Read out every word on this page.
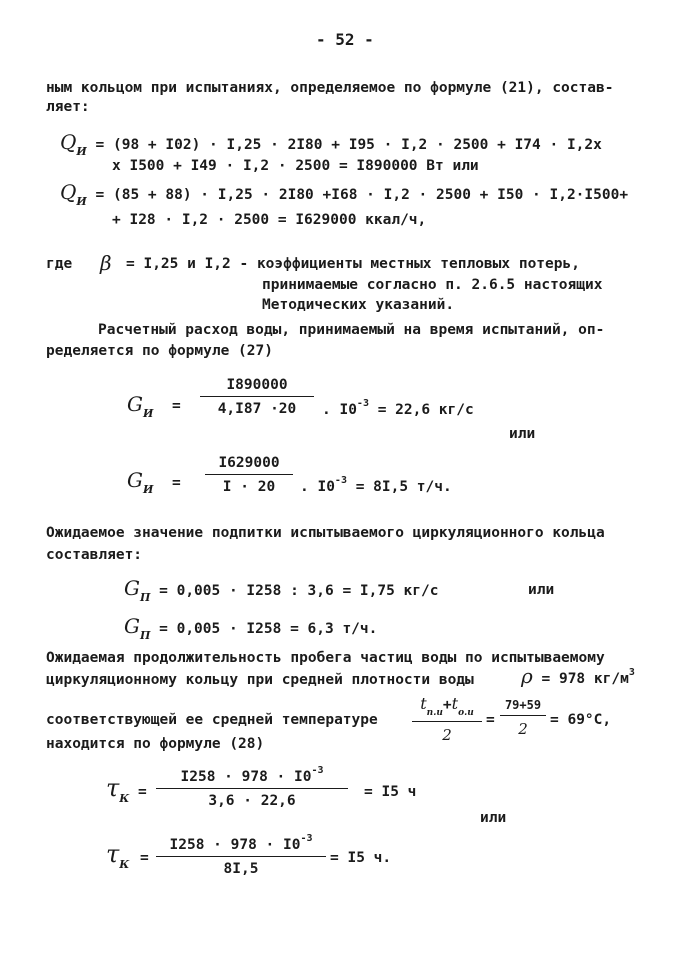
- 52 -
ным кольцом при испытаниях, определяемое по формуле (21), состав-
ляет:
$Q_И = (98 + I02) \cdot I,25 \cdot 2I80 + I95 \cdot I,2 \cdot 2500 + I74 \cdot I,2x$
x I500 + I49 · I,2 · 2500 = I890000 Вт или
$Q_И = (85 + 88) \cdot I,25 \cdot 2I80 +I68 \cdot I,2 \cdot 2500 + I50 \cdot I,2\cdot I500+$
+ I28 · I,2 · 2500 = I629000 ккал/ч,
где β = I,25 и I,2 - коэффициенты местных тепловых потерь,
принимаемые согласно п. 2.6.5 настоящих
Методических указаний.
Расчетный расход воды, принимаемый на время испытаний, оп-
ределяется по формуле (27)
$G_И$ =
I890000
4,I87 ·20	. $I0^{-3} = 22,6$ кг/с
или
$G_И$ =
I629000
I · 20	. $I0^{-3} = 8I,5$ т/ч.
Ожидаемое значение подпитки испытываемого циркуляционного кольца
составляет:
$G_П = 0,005 \cdot I258$ : 3,6 = I,75 кг/с	или
$G_П = 0,005 \cdot I258 = 6,3$ т/ч.
Ожидаемая продолжительность пробега частиц воды по испытываемому
циркуляционному кольцу при средней плотности воды ρ = 978 $кг/м^3$
соответствующей ее средней температуре
$t_{п.и}+t_{о.и}$
2
=
79+59
2	= 69°С,
находится по формуле (28)
$\tau_К$ =
$I258 \cdot 978 \cdot I0^{-3}$
3,6 · 22,6
= I5 ч
или
$\tau_К$ =
$I258 \cdot 978 \cdot I0^{-3}$
8I,5
= I5 ч.
